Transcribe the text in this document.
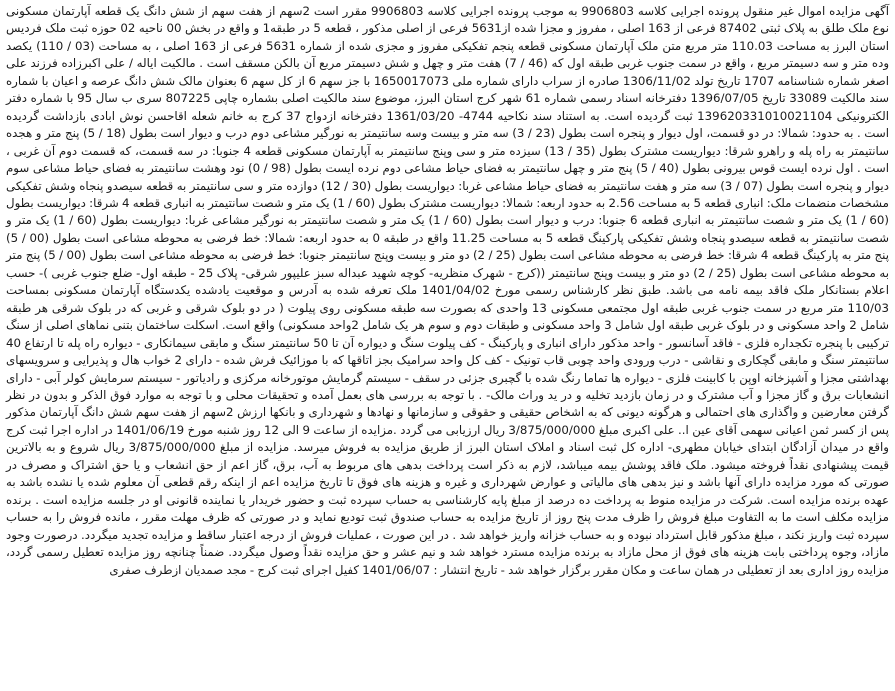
آگهی مزایده اموال غیر منقول پرونده اجرایی کلاسه 9906803 به موجب پرونده اجرایی کلاسه 9906803 مقرر است 2سهم از هفت سهم از شش دانگ یک قطعه آپارتمان مسکونی نوع ملک طلق به پلاک ثبتی 87402 فرعی از 163 اصلی ، مفروز و مجزا شده از5631 فرعی از اصلی مذکور ، قطعه 5 در طبقه1 و واقع در بخش 00 ناحیه 02 حوزه ثبت ملک فردیس استان البرز به مساحت 110.03 متر مربع متن ملک آپارتمان مسکونی قطعه پنجم تفکیکی مفروز و مجزی شده از شماره 5631 فرعی از 163 اصلی ، به مساحت (03 / 110) یکصد وده متر و سه دسیمتر مربع ، واقع در سمت جنوب غربی طبقه اول که (46 / 7) هفت متر و چهل و شش دسیمتر مربع آن بالکن مسقف است . مالکیت ایاله / علی اکبرزاده فرزند علی اصغر شماره شناسنامه 1707 تاریخ تولد 1306/11/02 صادره از سراب دارای شماره ملی 1650017073 با جز سهم 6 از کل سهم 6 بعنوان مالک شش دانگ عرصه و اعیان با شماره سند مالکیت 33089 تاریخ 1396/07/05 دفترخانه اسناد رسمی شماره 61 شهر کرج استان البرز، موضوع سند مالکیت اصلی بشماره چاپی 807225 سری ب سال 95 با شماره دفتر الکترونیکی 139620331010021104 ثبت گردیده است. به استناد سند نکاحیه 4744- 1361/03/20 دفترخانه ازدواج 37 کرج به خانم شعله اقاحسن نوش ابادی بازداشت گردیده است . به حدود: شمالا: در دو قسمت، اول دیوار و پنجره است بطول (23 / 3) سه متر و بیست وسه سانتیمتر به نورگیر مشاعی دوم درب و دیوار است بطول (18 / 5) پنج متر و هجده سانتیمتر به راه پله و راهرو شرقا: دیواریست مشترک بطول (35 / 13) سیزده متر و سی وپنج سانتیمتر به آپارتمان مسکونی قطعه 4 جنوبا: در سه قسمت، که قسمت دوم آن غربی ، است . اول نرده ایست قوس بیرونی بطول (40 / 5) پنج متر و چهل سانتیمتر به فضای حیاط مشاعی دوم نرده ایست بطول (98 / 0) نود وهشت سانتیمتر به فضای حیاط مشاعی سوم دیوار و پنجره است بطول (07 / 3) سه متر و هفت سانتیمتر به فضای حیاط مشاعی غربا: دیواریست بطول (30 / 12) دوازده متر و سی سانتیمتر به قطعه سیصدو پنجاه وشش تفکیکی مشخصات منضمات ملک: انباری قطعه 5 به مساحت 2.56 به حدود اربعه: شمالا: دیواریست مشترک بطول (60 / 1) یک متر و شصت سانتیمتر به انباری قطعه 4 شرقا: دیواریست بطول (60 / 1) یک متر و شصت سانتیمتر به انباری قطعه 6 جنوبا: درب و دیوار است بطول (60 / 1) یک متر و شصت سانتیمتر به نورگیر مشاعی غربا: دیواریست بطول (60 / 1) یک متر و شصت سانتیمتر به قطعه سیصدو پنجاه وشش تفکیکی پارکینگ قطعه 5 به مساحت 11.25 واقع در طبقه 0 به حدود اربعه: شمالا: خط فرضی به محوطه مشاعی است بطول (00 / 5) پنج متر به پارکینگ قطعه 4 شرقا: خط فرضی به محوطه مشاعی است بطول (25 / 2) دو متر و بیست وپنج سانتیمتر جنوبا: خط فرضی به محوطه مشاعی است بطول (00 / 5) پنج متر به محوطه مشاعی است بطول (25 / 2) دو متر و بیست وپنج سانتیمتر ((کرج - شهرک منظریه- کوچه شهید عبداله سبز علیپور شرقی- پلاک 25 - طبقه اول- ضلع جنوب غربی )- حسب اعلام بستانکار ملک فاقد بیمه نامه می باشد. طبق نظر کارشناس رسمی مورخ 1401/04/02 ملک تعرفه شده به آدرس و موقعیت یادشده یکدستگاه آپارتمان مسکونی بمساحت 110/03 متر مربع در سمت جنوب غربی طبقه اول مجتمعی مسکونی 13 واحدی که بصورت سه طبقه مسکونی روی پیلوت ( در دو بلوک شرقی و غربی که در بلوک شرقی هر طبقه شامل 2 واحد مسکونی و در بلوک غربی طبقه اول شامل 3 واحد مسکونی و طبقات دوم و سوم هر یک شامل 2واحد مسکونی) واقع است. اسکلت ساختمان بتنی نماهای اصلی از سنگ ترکیبی با پنجره تکجداره فلزی - فاقد آسانسور - واحد مذکور دارای انباری و پارکینگ - کف پیلوت سنگ و دیواره آن تا 50 سانتیمتر سنگ و مابقی سیمانکاری - دیواره راه پله تا ارتفاع 40 سانتیمتر سنگ و مابقی گچکاری و نقاشی - درب ورودی واحد چوبی قاب تونیک - کف کل واحد سرامیک بجز اتاقها که با موزائیک فرش شده - دارای 2 خواب هال و پذیرایی و سرویسهای بهداشتی مجزا و آشپزخانه اوپن با کابینت فلزی - دیواره ها تماما رنگ شده با گچبری جزئی در سقف - سیستم گرمایش موتورخانه مرکزی و رادیاتور - سیستم سرمایش کولر آبی - دارای انشعابات برق و گاز مجزا و آب مشترک و در زمان بازدید تخلیه و در ید وراث مالک- . با توجه به بررسی های بعمل آمده و تحقیقات محلی و با توجه به موارد فوق الذکر و بدون در نظر گرفتن معارضین و واگذاری های احتمالی و هرگونه دیونی که به اشخاص حقیقی و حقوقی و سازمانها و نهادها و شهرداری و بانکها ارزش 2سهم از هفت سهم شش دانگ آپارتمان مذکور پس از کسر ثمن اعیانی سهمی آقای عین ا.. علی اکبری مبلغ 3/875/000/000 ریال ارزیابی می گردد .مزایده از ساعت 9 الی 12 روز شنبه مورخ 1401/06/19 در اداره اجرا ثبت کرج واقع در میدان آزادگان ابتدای خیابان مطهری- اداره کل ثبت اسناد و املاک استان البرز از طریق مزایده به فروش میرسد. مزایده از مبلغ 3/875/000/000 ریال شروع و به بالاترین قیمت پیشنهادی نقداً فروخته میشود. ملک فاقد پوشش بیمه میباشد، لازم به ذکر است پرداخت بدهی های مربوط به آب، برق، گاز اعم از حق انشعاب و یا حق اشتراک و مصرف در صورتی که مورد مزایده دارای آنها باشد و نیز بدهی های مالیاتی و عوارض شهرداری و غیره و هزینه های فوق تا تاریخ مزایده اعم از اینکه رقم قطعی آن معلوم شده یا نشده باشد به عهده برنده مزایده است. شرکت در مزایده منوط به پرداخت ده درصد از مبلغ پایه کارشناسی به حساب سپرده ثبت و حضور خریدار یا نماینده قانونی او در جلسه مزایده است . برنده مزایده مکلف است ما به التفاوت مبلغ فروش را ظرف مدت پنج روز از تاریخ مزایده به حساب صندوق ثبت تودیع نماید و در صورتی که ظرف مهلت مقرر ، مانده فروش را به حساب سپرده ثبت واریز نکند ، مبلغ مذکور قابل استرداد نبوده و به حساب خزانه واریز خواهد شد . در این صورت ، عملیات فروش از درجه اعتبار ساقط و مزایده تجدید میگردد. درصورت وجود مازاد، وجوه پرداختی بابت هزینه های فوق از محل مازاد به برنده مزایده مسترد خواهد شد و نیم عشر و حق مزایده نقداً وصول میگردد. ضمناً چنانچه روز مزایده تعطیل رسمی گردد، مزایده روز اداری بعد از تعطیلی در همان ساعت و مکان مقرر برگزار خواهد شد - تاریخ انتشار : 1401/06/07 کفیل اجرای ثبت کرج - مجد صمدیان ازطرف صفری
